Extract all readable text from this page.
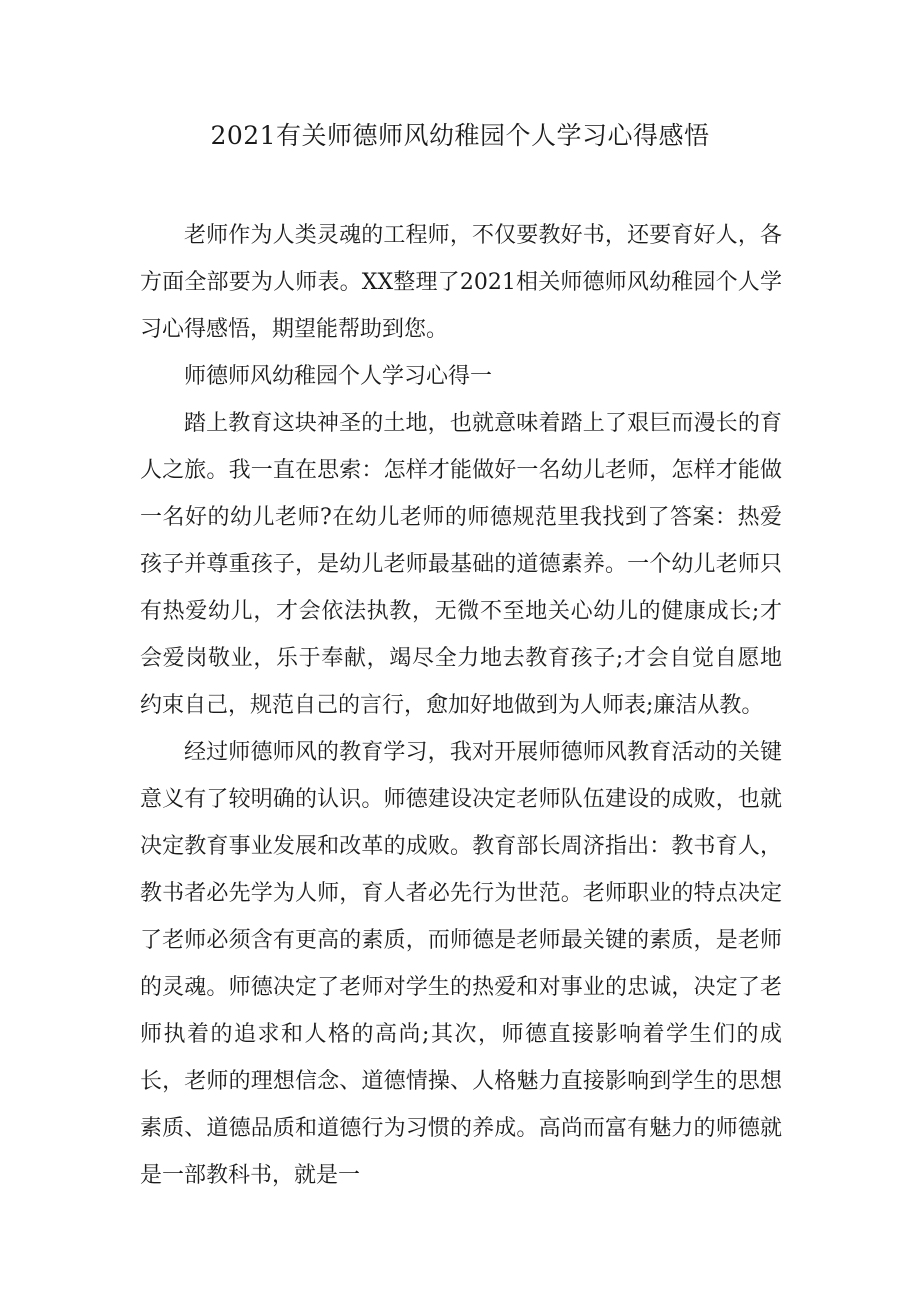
2021有关师德师风幼稚园个人学习心得感悟

老师作为人类灵魂的工程师，不仅要教好书，还要育好人，各方面全部要为人师表。XX整理了2021相关师德师风幼稚园个人学习心得感悟，期望能帮助到您。

师德师风幼稚园个人学习心得一

踏上教育这块神圣的土地，也就意味着踏上了艰巨而漫长的育人之旅。我一直在思索：怎样才能做好一名幼儿老师，怎样才能做一名好的幼儿老师?在幼儿老师的师德规范里我找到了答案：热爱孩子并尊重孩子，是幼儿老师最基础的道德素养。一个幼儿老师只有热爱幼儿，才会依法执教，无微不至地关心幼儿的健康成长;才会爱岗敬业，乐于奉献，竭尽全力地去教育孩子;才会自觉自愿地约束自己，规范自己的言行，愈加好地做到为人师表;廉洁从教。

经过师德师风的教育学习，我对开展师德师风教育活动的关键意义有了较明确的认识。师德建设决定老师队伍建设的成败，也就决定教育事业发展和改革的成败。教育部长周济指出：教书育人，教书者必先学为人师，育人者必先行为世范。老师职业的特点决定了老师必须含有更高的素质，而师德是老师最关键的素质，是老师的灵魂。师德决定了老师对学生的热爱和对事业的忠诚，决定了老师执着的追求和人格的高尚;其次，师德直接影响着学生们的成长，老师的理想信念、道德情操、人格魅力直接影响到学生的思想素质、道德品质和道德行为习惯的养成。高尚而富有魅力的师德就是一部教科书，就是一
